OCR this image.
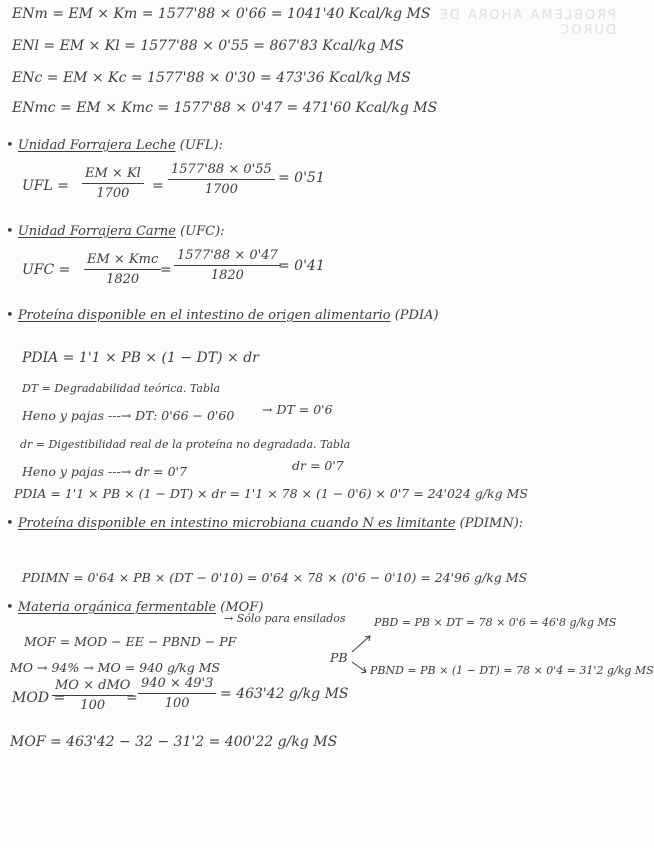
PROBLEMA AHORA DE DUROC
ENm = EM × Km = 1577'88 × 0'66 = 1041'40 Kcal/kg MS
ENl = EM × Kl = 1577'88 × 0'55 = 867'83 Kcal/kg MS
ENc = EM × Kc = 1577'88 × 0'30 = 473'36 Kcal/kg MS
ENmc = EM × Kmc = 1577'88 × 0'47 = 471'60 Kcal/kg MS
• Unidad Forrajera Leche (UFL):
UFL = $\frac{EM \times Kl}{1700} = \frac{1577'88 \times 0'55}{1700} = 0'51$
• Unidad Forrajera Carne (UFC):
UFC =
EM × Kmc
1820
= $\frac{1577'88 \times 0'47}{1820}$
= 0'41
• Proteína disponible en el intestino de origen alimentario (PDIA)
PDIA = 1'1 × PB × (1 − DT) × dr
DT = Degradabilidad teórica. Tabla
Heno y pajas ---→ DT: 0'66 − 0'60 → DT = 0'6
dr = Digestibilidad real de la proteína no degradada. Tabla
Heno y pajas ---→ dr = 0'7	dr = 0'7
PDIA = 1'1 × PB × (1 − DT) × dr = 1'1 × 78 × (1 − 0'6) × 0'7 = 24'024 g/kg MS
• Proteína disponible en intestino microbiana cuando N es limitante (PDIMN):
PDIMN = 0'64 × PB × (DT − 0'10) = 0'64 × 78 × (0'6 − 0'10) = 24'96 g/kg MS
• Materia orgánica fermentable (MOF)
MOF = MOD − EE − PBND − PF
→ Sólo para ensilados
MO → 94% → MO = 940 g/kg MS
MOD =
MO × dMO
$100 = \frac{940 \times 49'3}{100} = 463'42$ g/kg MS
PB
PBD = PB × DT = 78 × 0'6 = 46'8 g/kg MS
PBND = PB × (1 − DT) = 78 × 0'4 = 31'2 g/kg MS
MOF = 463'42 − 32 − 31'2 = 400'22 g/kg MS
